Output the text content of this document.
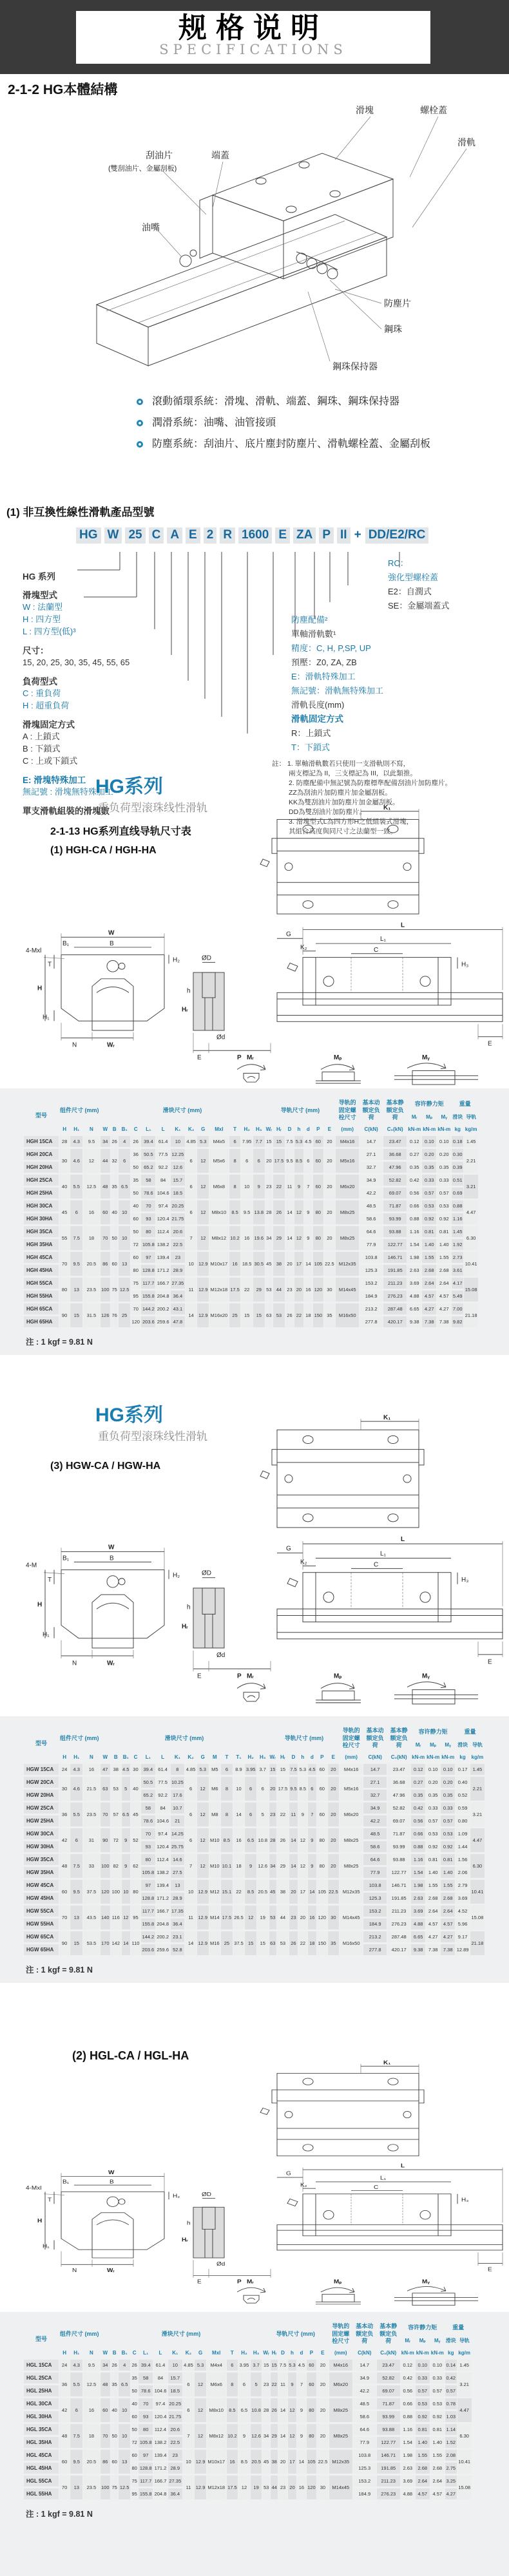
规格说明
SPECIFICATIONS
2-1-2 HG本體結構
滑塊	螺栓蓋
滑軌
刮油片
(雙刮油片、金屬刮板)
端蓋
油嘴
防塵片
鋼珠
鋼珠保持器
滾動循環系統：滑塊、滑軌、端蓋、鋼珠、鋼珠保持器
潤滑系統：油嘴、油管接頭
防塵系統：刮油片、底片塵封防塵片、滑軌螺栓蓋、金屬刮板
(1) 非互換性線性滑軌產品型號
HG W 25 C A E 2 R 1600 E ZA P II + DD/E2/RC
HG 系列
滑塊型式
W : 法蘭型
H : 四方型
L : 四方型(低)³
尺寸：
15, 20, 25, 30, 35, 45, 55, 65
負荷型式
C : 重負荷
H : 超重負荷
滑塊固定方式
A : 上鎖式
B : 下鎖式
C : 上或下鎖式
E: 滑塊特殊加工
無記號 : 滑塊無特殊加工
單支滑軌組裝的滑塊數
RC：
強化型螺栓蓋
E2：自潤式
SE：金屬端蓋式
防塵配備²
單軸滑軌數¹
精度：C, H, P,SP, UP
預壓：Z0, ZA, ZB
E：滑軌特殊加工
無記號：滑軌無特殊加工
滑軌長度(mm)
滑軌固定方式
R：上鎖式
T：下鎖式
註： 1. 單軸滑軌數若只使用一支滑軌則不寫，
兩支標記為 II，三支標記為 III，以此類推。
2. 防塵配備中無記號為防塵標準配備刮油片加防塵片。
ZZ為刮油片加防塵片加金屬刮板。
KK為雙刮油片加防塵片加金屬刮板。
DD為雙刮油片加防塵片。
3. 滑塊型式L為四方形H之低組裝式滑塊，
其組合高度與同尺寸之法蘭型一致。
HG系列
重负荷型滚珠线性滑轨
2-1-13 HG系列直线导轨尺寸表
(1) HGH-CA / HGH-HA
K₁
W
B
B₁
4-Mxl
H
T
H₁
N	Wᵣ
H₂	ØD
Ød
h
Hᵣ
E	P
L
G
L₁
K₂	C
H₃
E
Mᵣ	Mₚ	Mᵧ
型号	组件尺寸 (mm)			滑块尺寸 (mm)													导轨尺寸 (mm)							导轨的固定螺栓尺寸	基本动额定负荷	基本静额定负荷	容许静力矩			重量	
																											Mᵣ	Mₚ	Mᵧ	滑块	导轨
	H	H₁	N	W	B	B₁	C	L₁	L	K₁	K₂	G	Mxl	T	H₂	H₃	Wᵣ	Hᵣ	D	h	d	P	E	(mm)	C(kN)	C₀(kN)	kN-m	kN-m	kN-m	kg	kg/m
HGH 15CA	28	4.3	9.5	34	26	4	26	39.4	61.4	10	4.85	5.3	M4x5	6	7.95	7.7	15	15	7.5	5.3	4.5	60	20	M4x16	14.7	23.47	0.12	0.10	0.10	0.18	1.45
HGH 20CA	30	4.6	12	44	32	6	36	50.5	77.5	12.25	6	12	M5x6	8	6	6	20	17.5	9.5	8.5	6	60	20	M5x16	27.1	36.68	0.27	0.20	0.20	0.30	2.21
HGH 20HA							50	65.2	92.2	12.6															32.7	47.96	0.35	0.35	0.35	0.39	
HGH 25CA	40	5.5	12.5	48	35	6.5	35	58	84	15.7	6	12	M6x8	8	10	9	23	22	11	9	7	60	20	M6x20	34.9	52.82	0.42	0.33	0.33	0.51	3.21
HGH 25HA							50	78.6	104.6	18.5															42.2	69.07	0.56	0.57	0.57	0.69	
HGH 30CA	45	6	16	60	40	10	40	70	97.4	20.25	6	12	M8x10	8.5	9.5	13.8	28	26	14	12	9	80	20	M8x25	48.5	71.87	0.66	0.53	0.53	0.88	4.47
HGH 30HA							60	93	120.4	21.75															58.6	93.99	0.88	0.92	0.92	1.16	
HGH 35CA	55	7.5	18	70	50	10	50	80	112.4	20.6	7	12	M8x12	10.2	16	19.6	34	29	14	12	9	80	20	M8x25	64.6	93.88	1.16	0.81	0.81	1.45	6.30
HGH 35HA							72	105.8	138.2	22.5															77.9	122.77	1.54	1.40	1.40	1.92	
HGH 45CA	70	9.5	20.5	86	60	13	60	97	139.4	23	10	12.9	M10x17	16	18.5	30.5	45	38	20	17	14	105	22.5	M12x35	103.8	146.71	1.98	1.55	1.55	2.73	10.41
HGH 45HA							80	128.8	171.2	28.9															125.3	191.85	2.63	2.68	2.68	3.61	
HGH 55CA	80	13	23.5	100	75	12.5	75	117.7	166.7	27.35	11	12.9	M12x18	17.5	22	29	53	44	23	20	16	120	30	M14x45	153.2	211.23	3.69	2.64	2.64	4.17	15.08
HGH 55HA							95	155.8	204.8	36.4															184.9	276.23	4.88	4.57	4.57	5.49	
HGH 65CA	90	15	31.5	126	76	25	70	144.2	200.2	43.1	14	12.9	M16x20	25	15	15	63	53	26	22	18	150	35	M16x50	213.2	287.48	6.65	4.27	4.27	7.00	21.18
HGH 65HA							120	203.6	259.6	47.8															277.8	420.17	9.38	7.38	7.38	9.82	
注 : 1 kgf = 9.81 N
HG系列
重负荷型滚珠线性滑轨
(3) HGW-CA / HGW-HA
K₁
W
B
B₁
4-M
H
T
H₁
N	Wᵣ
H₂	ØD
Ød
h
Hᵣ
E	P
L
G
L₁
K₂	C
H₃
E
Mᵣ	Mₚ	Mᵧ
型号	组件尺寸 (mm)			滑块尺寸 (mm)														导轨尺寸 (mm)							导轨的固定螺栓尺寸	基本动额定负荷	基本静额定负荷	容许静力矩			重量	
																												Mᵣ	Mₚ	Mᵧ	滑块	导轨
	H	H₁	N	W	B	B₁	C	L₁	L	K₁	K₂	G	M	T	T₁	H₂	H₃	Wᵣ	Hᵣ	D	h	d	P	E	(mm)	C(kN)	C₀(kN)	kN-m	kN-m	kN-m	kg	kg/m
HGW 15CA	24	4.3	16	47	38	4.5	30	39.4	61.4	8	4.85	5.3	M5	6	8.9	3.95	3.7	15	15	7.5	5.3	4.5	60	20	M4x16	14.7	23.47	0.12	0.10	0.10	0.17	1.45
HGW 20CA	30	4.6	21.5	63	53	5	40	50.5	77.5	10.25	6	12	M6	8	10	6	6	20	17.5	9.5	8.5	6	60	20	M5x16	27.1	36.68	0.27	0.20	0.20	0.40	2.21
HGW 20HA								65.2	92.2	17.6																32.7	47.96	0.35	0.35	0.35	0.52	
HGW 25CA	36	5.5	23.5	70	57	6.5	45	58	84	10.7	6	12	M8	8	14	6	5	23	22	11	9	7	60	20	M6x20	34.9	52.82	0.42	0.33	0.33	0.59	3.21
HGW 25HA								78.6	104.6	21																42.2	69.07	0.56	0.57	0.57	0.80	
HGW 30CA	42	6	31	90	72	9	52	70	97.4	14.25	6	12	M10	8.5	16	6.5	10.8	28	26	14	12	9	80	20	M8x25	48.5	71.87	0.66	0.53	0.53	1.09	4.47
HGW 30HA								93	120.4	25.75																58.6	93.99	0.88	0.92	0.92	1.44	
HGW 35CA	48	7.5	33	100	82	9	62	80	112.4	14.6	7	12	M10	10.1	18	9	12.6	34	29	14	12	9	80	20	M8x25	64.6	93.88	1.16	0.81	0.81	1.56	6.30
HGW 35HA								105.8	138.2	27.5																77.9	122.77	1.54	1.40	1.40	2.06	
HGW 45CA	60	9.5	37.5	120	100	10	80	97	139.4	13	10	12.9	M12	15.1	22	8.5	20.5	45	38	20	17	14	105	22.5	M12x35	103.8	146.71	1.98	1.55	1.55	2.79	10.41
HGW 45HA								128.8	171.2	28.9																125.3	191.85	2.63	2.68	2.68	3.69	
HGW 55CA	70	13	43.5	140	116	12	95	117.7	166.7	17.35	11	12.9	M14	17.5	26.5	12	19	53	44	23	20	16	120	30	M14x45	153.2	211.23	3.69	2.64	2.64	4.52	15.08
HGW 55HA								155.8	204.8	36.4																184.9	276.23	4.88	4.57	4.57	5.96	
HGW 65CA	90	15	53.5	170	142	14	110	144.2	200.2	23.1	14	12.9	M16	25	37.5	15	15	63	53	26	22	18	150	35	M16x50	213.2	287.48	6.65	4.27	4.27	9.17	21.18
HGW 65HA								203.6	259.6	52.8																277.8	420.17	9.38	7.38	7.38	12.89	
注 : 1 kgf = 9.81 N
(2) HGL-CA / HGL-HA
K₁
W
B
B₁
4-Mxl
H
T
H₁
N	Wᵣ
H₂	ØD
Ød
h
Hᵣ
E	P
L
G
L₁
K₂	C
H₃
E
Mᵣ	Mₚ	Mᵧ
型号	组件尺寸 (mm)			滑块尺寸 (mm)													导轨尺寸 (mm)							导轨的固定螺栓尺寸	基本动额定负荷	基本静额定负荷	容许静力矩			重量	
																											Mᵣ	Mₚ	Mᵧ	滑块	导轨
	H	H₁	N	W	B	B₁	C	L₁	L	K₁	K₂	G	Mxl	T	H₂	H₃	Wᵣ	Hᵣ	D	h	d	P	E	(mm)	C(kN)	C₀(kN)	kN-m	kN-m	kN-m	kg	kg/m
HGL 15CA	24	4.3	9.5	34	26	4	26	39.4	61.4	10	4.85	5.3	M4x4	6	3.95	3.7	15	15	7.5	5.3	4.5	60	20	M4x16	14.7	23.47	0.12	0.10	0.10	0.14	1.45
HGL 25CA	36	5.5	12.5	48	35	6.5	35	58	84	15.7	6	12	M6x6	8	6	5	23	22	11	9	7	60	20	M6x20	34.9	52.82	0.42	0.33	0.33	0.42	3.21
HGL 25HA							50	78.6	104.6	18.5															42.2	69.07	0.56	0.57	0.57	0.57	
HGL 30CA	42	6	16	60	40	10	40	70	97.4	20.25	6	12	M8x10	8.5	6.5	10.8	28	26	14	12	9	80	20	M8x25	48.5	71.87	0.66	0.53	0.53	0.78	4.47
HGL 30HA							60	93	120.4	21.75															58.6	93.99	0.88	0.92	0.92	1.03	
HGL 35CA	48	7.5	18	70	50	10	50	80	112.4	20.6	7	12	M8x12	10.2	9	12.6	34	29	14	12	9	80	20	M8x25	64.6	93.88	1.16	0.81	0.81	1.14	6.30
HGL 35HA							72	105.8	138.2	22.5															77.9	122.77	1.54	1.40	1.40	1.52	
HGL 45CA	60	9.5	20.5	86	60	13	60	97	139.4	23	10	12.9	M10x17	16	8.5	20.5	45	38	20	17	14	105	22.5	M12x35	103.8	146.71	1.98	1.55	1.55	2.08	10.41
HGL 45HA							80	128.8	171.2	28.9															125.3	191.85	2.63	2.68	2.68	2.75	
HGL 55CA	70	13	23.5	100	75	12.5	75	117.7	166.7	27.35	11	12.9	M12x18	17.5	12	19	53	44	23	20	16	120	30	M14x45	153.2	211.23	3.69	2.64	2.64	3.25	15.08
HGL 55HA							95	155.8	204.8	36.4															184.9	276.23	4.88	4.57	4.57	4.27	
注 : 1 kgf = 9.81 N
